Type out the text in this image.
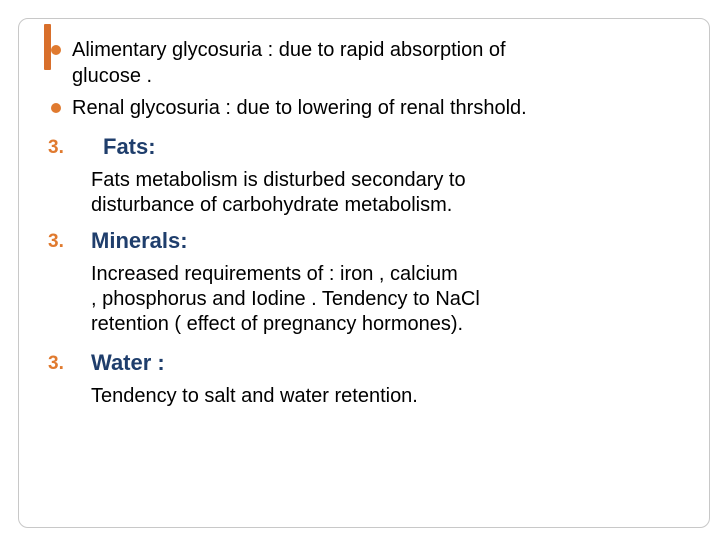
Alimentary glycosuria : due to rapid absorption of
glucose .
Renal glycosuria : due to lowering of renal thrshold.
3. Fats:
Fats metabolism is disturbed secondary to
disturbance of carbohydrate metabolism.
3. Minerals:
Increased requirements of : iron , calcium
, phosphorus and Iodine . Tendency to NaCl
retention ( effect of pregnancy hormones).
3. Water :
Tendency to salt and water retention.
